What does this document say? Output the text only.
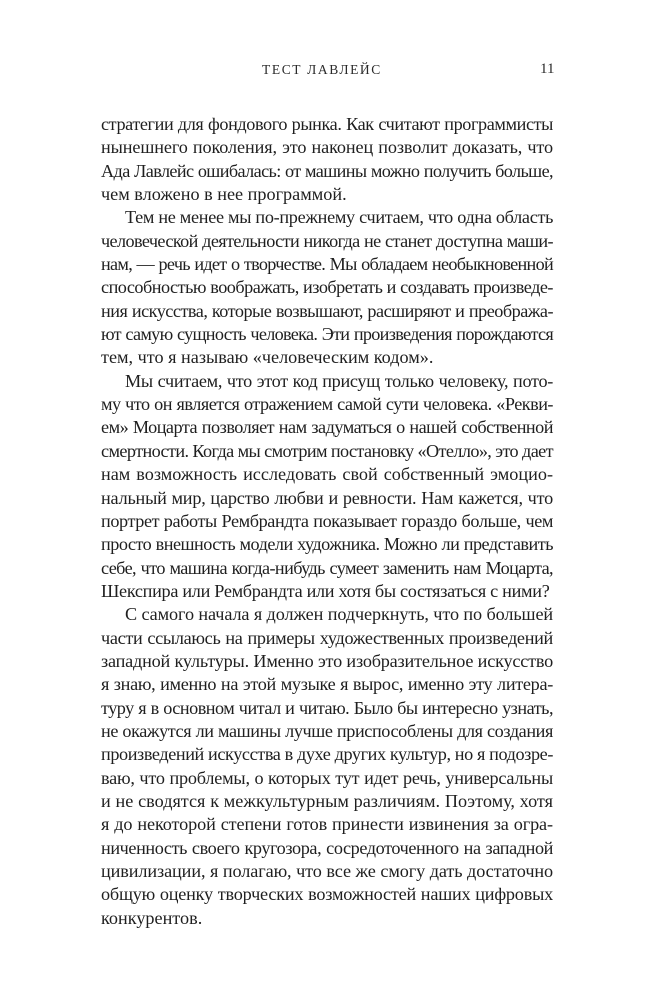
ТЕСТ ЛАВЛЕЙС	11
стратегии для фондового рынка. Как считают программисты
нынешнего поколения, это наконец позволит доказать, что
Ада Лавлейс ошибалась: от машины можно получить больше,
чем вложено в нее программой.
Тем не менее мы по-прежнему считаем, что одна область
человеческой деятельности никогда не станет доступна маши-
нам, — речь идет о творчестве. Мы обладаем необыкновенной
способностью воображать, изобретать и создавать произведе-
ния искусства, которые возвышают, расширяют и преобража-
ют самую сущность человека. Эти произведения порождаются
тем, что я называю «человеческим кодом».
Мы считаем, что этот код присущ только человеку, пото-
му что он является отражением самой сути человека. «Рекви-
ем» Моцарта позволяет нам задуматься о нашей собственной
смертности. Когда мы смотрим постановку «Отелло», это дает
нам возможность исследовать свой собственный эмоцио-
нальный мир, царство любви и ревности. Нам кажется, что
портрет работы Рембрандта показывает гораздо больше, чем
просто внешность модели художника. Можно ли представить
себе, что машина когда-нибудь сумеет заменить нам Моцарта,
Шекспира или Рембрандта или хотя бы состязаться с ними?
С самого начала я должен подчеркнуть, что по большей
части ссылаюсь на примеры художественных произведений
западной культуры. Именно это изобразительное искусство
я знаю, именно на этой музыке я вырос, именно эту литера-
туру я в основном читал и читаю. Было бы интересно узнать,
не окажутся ли машины лучше приспособлены для создания
произведений искусства в духе других культур, но я подозре-
ваю, что проблемы, о которых тут идет речь, универсальны
и не сводятся к межкультурным различиям. Поэтому, хотя
я до некоторой степени готов принести извинения за огра-
ниченность своего кругозора, сосредоточенного на западной
цивилизации, я полагаю, что все же смогу дать достаточно
общую оценку творческих возможностей наших цифровых
конкурентов.
